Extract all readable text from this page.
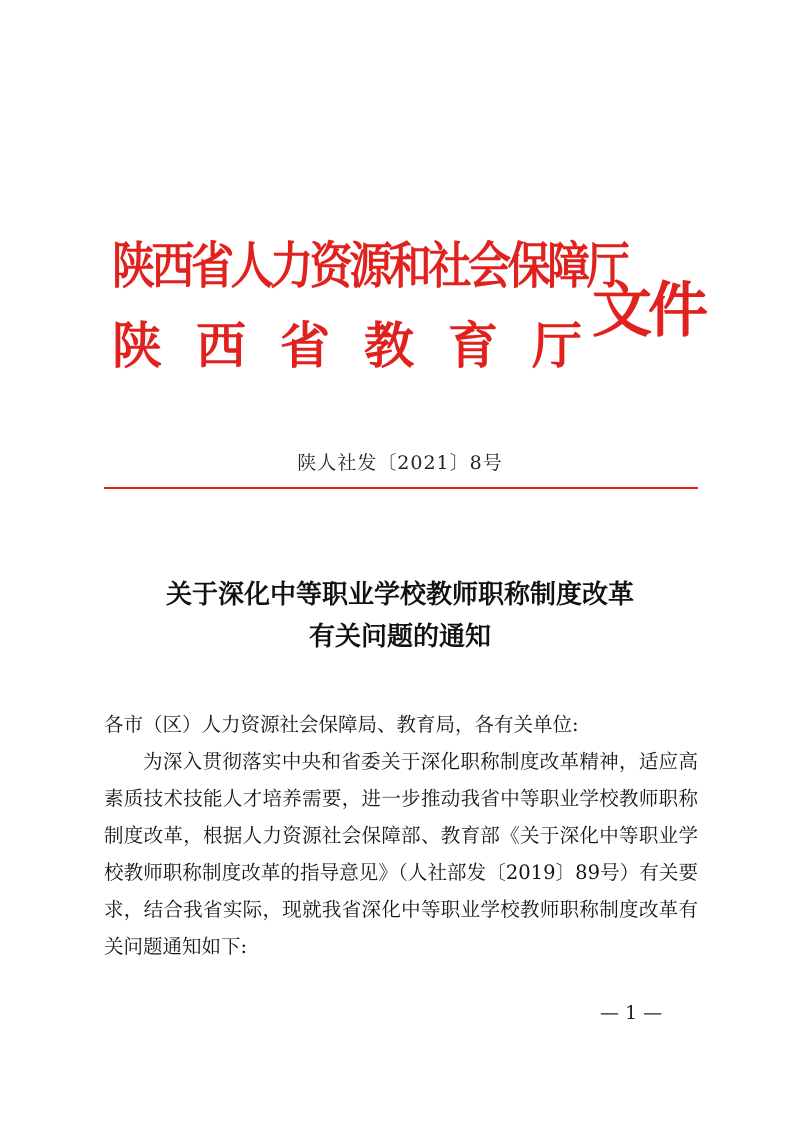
陕西省人力资源和社会保障厅
陕 西 省 教 育 厅 文件
陕人社发〔2021〕8号
关于深化中等职业学校教师职称制度改革
有关问题的通知
各市（区）人力资源社会保障局、教育局，各有关单位:
为深入贯彻落实中央和省委关于深化职称制度改革精神，适应高素质技术技能人才培养需要，进一步推动我省中等职业学校教师职称制度改革，根据人力资源社会保障部、教育部《关于深化中等职业学校教师职称制度改革的指导意见》（人社部发〔2019〕89号）有关要求，结合我省实际，现就我省深化中等职业学校教师职称制度改革有关问题通知如下:
— 1 —
